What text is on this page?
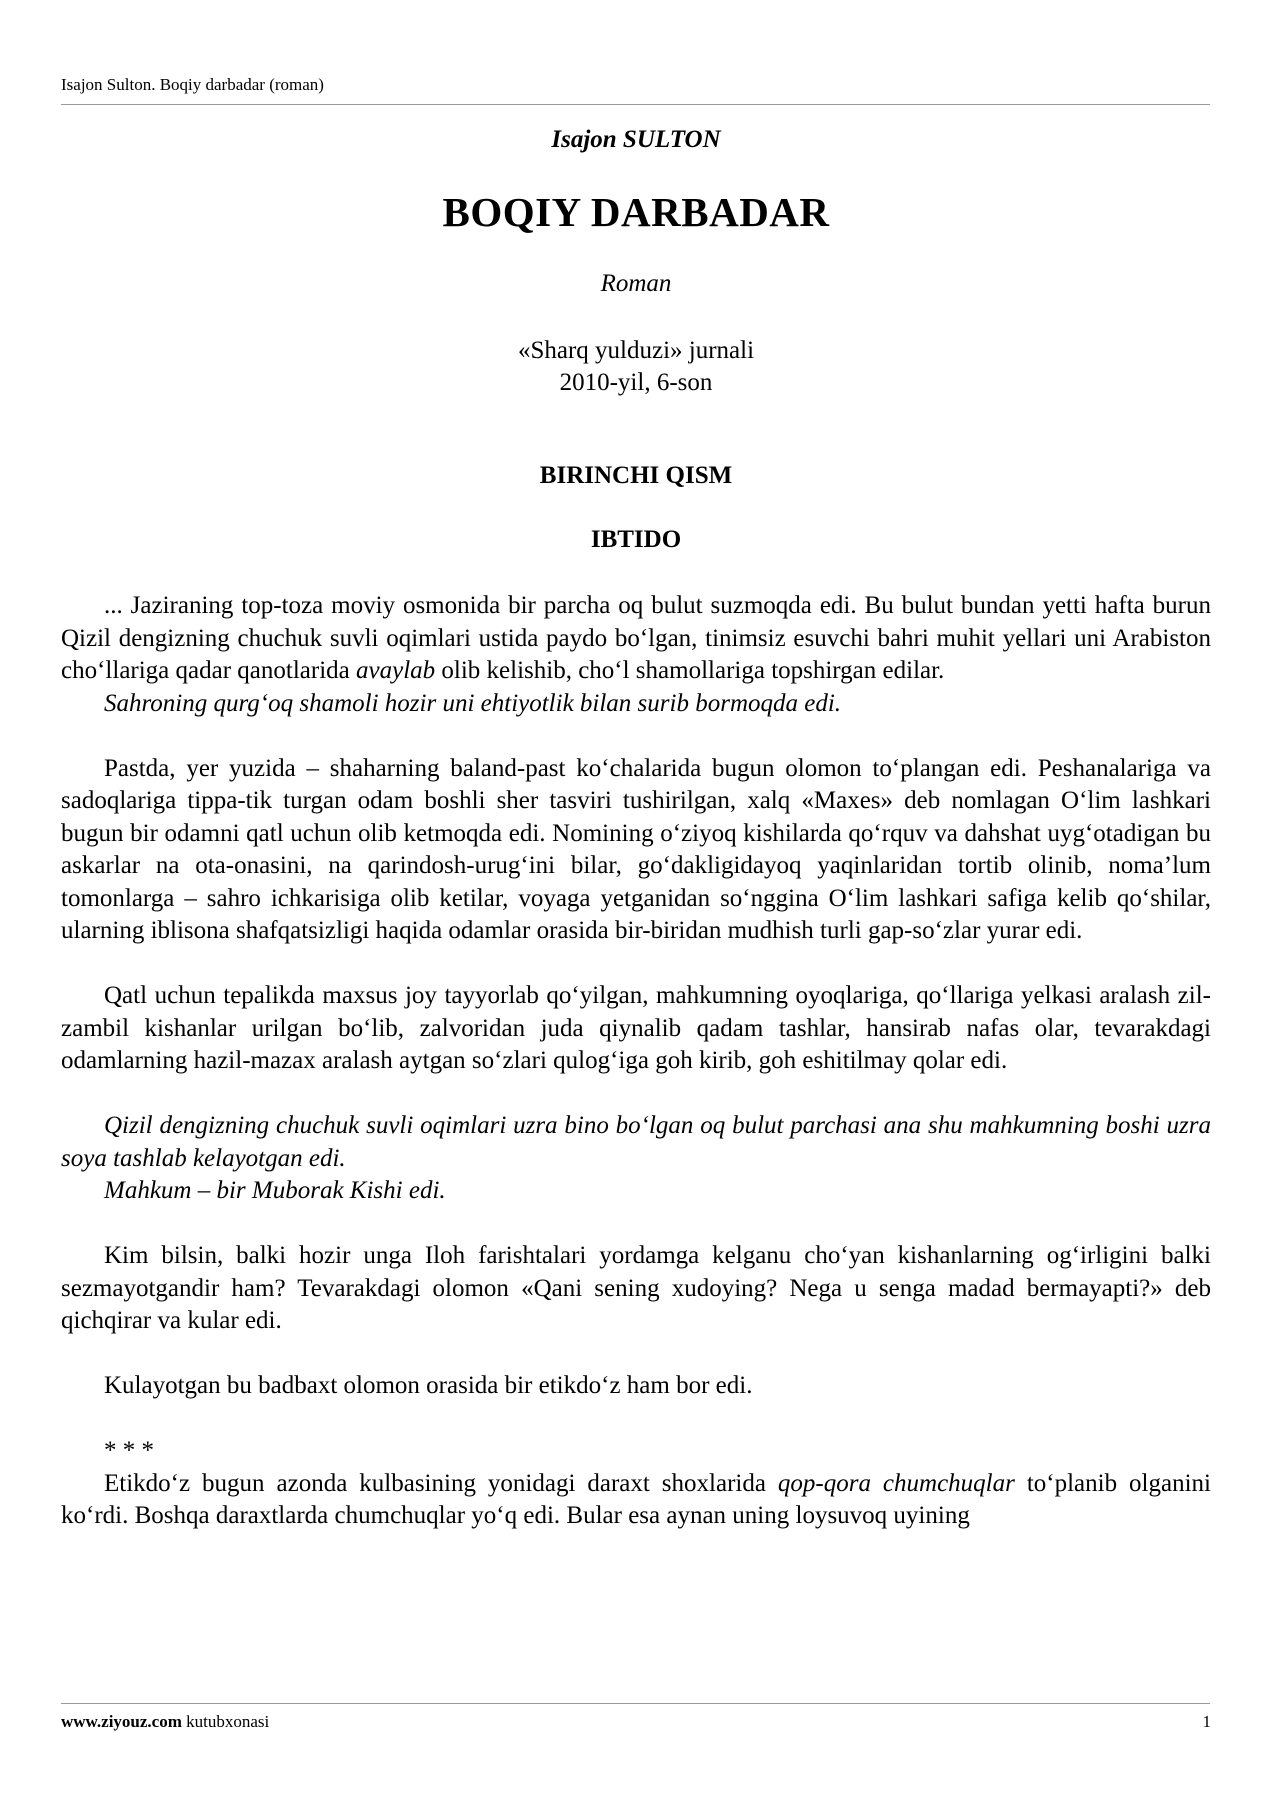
Isajon Sulton. Boqiy darbadar (roman)
Isajon SULTON
BOQIY DARBADAR
Roman
«Sharq yulduzi» jurnali
2010-yil, 6-son
BIRINCHI QISM
IBTIDO

... Jaziraning top-toza moviy osmonida bir parcha oq bulut suzmoqda edi. Bu bulut bundan yetti hafta burun Qizil dengizning chuchuk suvli oqimlari ustida paydo bo‘lgan, tinimsiz esuvchi bahri muhit yellari uni Arabiston cho‘llariga qadar qanotlarida avaylab olib kelishib, cho‘l shamollariga topshirgan edilar.

Sahroning qurg‘oq shamoli hozir uni ehtiyotlik bilan surib bormoqda edi.

Pastda, yer yuzida – shaharning baland-past ko‘chalarida bugun olomon to‘plangan edi. Peshanalariga va sadoqlariga tippa-tik turgan odam boshli sher tasviri tushirilgan, xalq «Maxes» deb nomlagan O‘lim lashkari bugun bir odamni qatl uchun olib ketmoqda edi. Nomining o‘ziyoq kishilarda qo‘rquv va dahshat uyg‘otadigan bu askarlar na ota-onasini, na qarindosh-urug‘ini bilar, go‘dakligidayoq yaqinlaridan tortib olinib, noma’lum tomonlarga – sahro ichkarisiga olib ketilar, voyaga yetganidan so‘nggina O‘lim lashkari safiga kelib qo‘shilar, ularning iblisona shafqatsizligi haqida odamlar orasida bir-biridan mudhish turli gap-so‘zlar yurar edi.

Qatl uchun tepalikda maxsus joy tayyorlab qo‘yilgan, mahkumning oyoqlariga, qo‘llariga yelkasi aralash zil-zambil kishanlar urilgan bo‘lib, zalvoridan juda qiynalib qadam tashlar, hansirab nafas olar, tevarakdagi odamlarning hazil-mazax aralash aytgan so‘zlari qulog‘iga goh kirib, goh eshitilmay qolar edi.

Qizil dengizning chuchuk suvli oqimlari uzra bino bo‘lgan oq bulut parchasi ana shu mahkumning boshi uzra soya tashlab kelayotgan edi.

Mahkum – bir Muborak Kishi edi.

Kim bilsin, balki hozir unga Iloh farishtalari yordamga kelganu cho‘yan kishanlarning og‘irligini balki sezmayotgandir ham? Tevarakdagi olomon «Qani sening xudoying? Nega u senga madad bermayapti?» deb qichqirar va kular edi.

Kulayotgan bu badbaxt olomon orasida bir etikdo‘z ham bor edi.

* * *

Etikdo‘z bugun azonda kulbasining yonidagi daraxt shoxlarida qop-qora chumchuqlar to‘planib olganini ko‘rdi. Boshqa daraxtlarda chumchuqlar yo‘q edi. Bular esa aynan uning loysuvoq uyining

www.ziyouz.com kutubxonasi	1
